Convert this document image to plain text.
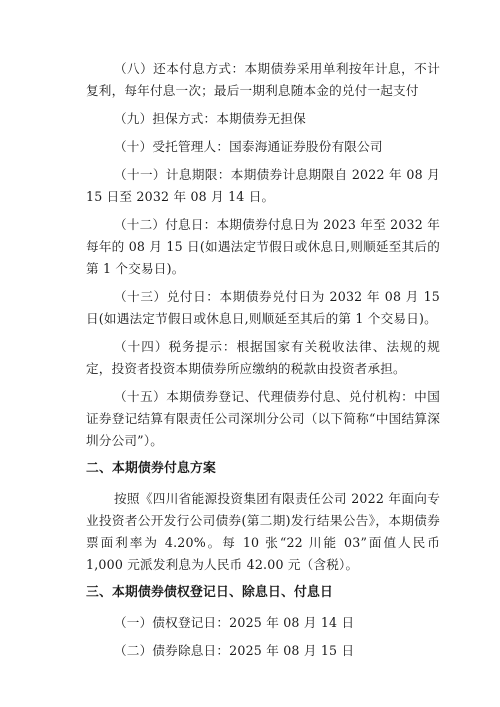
（八）还本付息方式：本期债券采用单利按年计息，不计复利，每年付息一次；最后一期利息随本金的兑付一起支付

（九）担保方式：本期债券无担保

（十）受托管理人：国泰海通证券股份有限公司

（十一）计息期限：本期债券计息期限自 2022 年 08 月 15 日至 2032 年 08 月 14 日。

（十二）付息日：本期债券付息日为 2023 年至 2032 年每年的 08 月 15 日(如遇法定节假日或休息日,则顺延至其后的第 1 个交易日)。

（十三）兑付日：本期债券兑付日为 2032 年 08 月 15 日(如遇法定节假日或休息日,则顺延至其后的第 1 个交易日)。

（十四）税务提示：根据国家有关税收法律、法规的规定，投资者投资本期债券所应缴纳的税款由投资者承担。

（十五）本期债券登记、代理债券付息、兑付机构：中国证券登记结算有限责任公司深圳分公司（以下简称“中国结算深圳分公司”）。

二、本期债券付息方案

按照《四川省能源投资集团有限责任公司 2022 年面向专业投资者公开发行公司债券(第二期)发行结果公告》，本期债券票面利率为 4.20%。每 10 张“22 川能 03”面值人民币 1,000 元派发利息为人民币 42.00 元（含税）。

三、本期债券债权登记日、除息日、付息日
（一）债权登记日：2025 年 08 月 14 日
（二）债券除息日：2025 年 08 月 15 日
